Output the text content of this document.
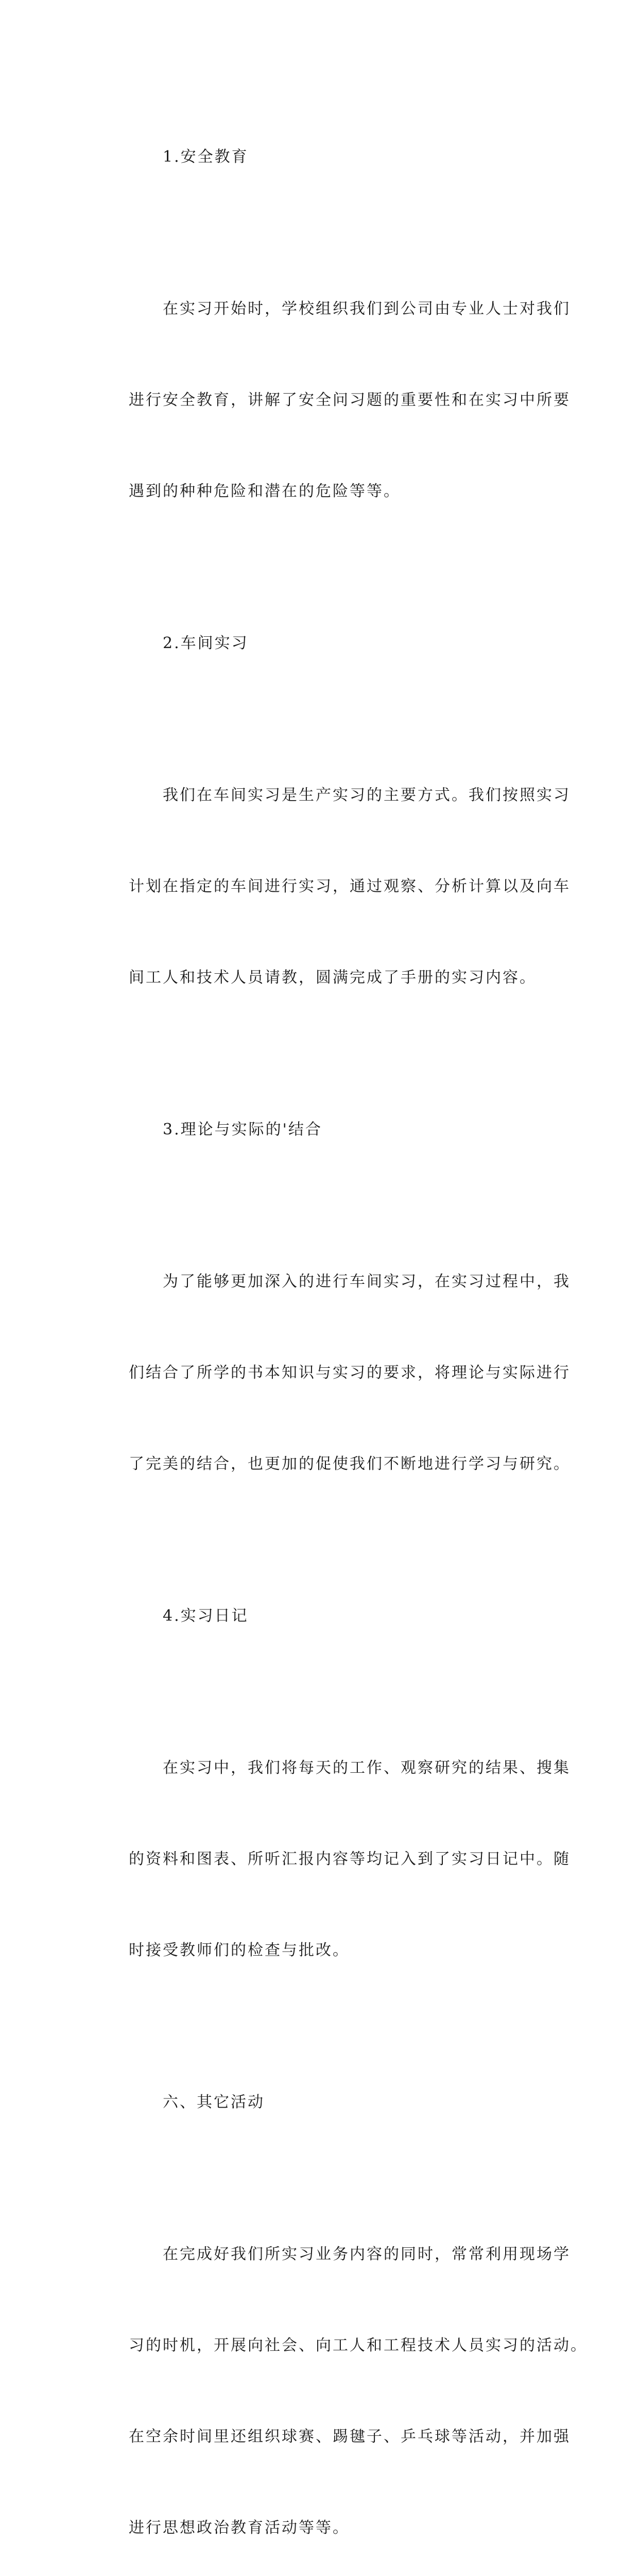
1.安全教育

在实习开始时，学校组织我们到公司由专业人士对我们

进行安全教育，讲解了安全问习题的重要性和在实习中所要

遇到的种种危险和潜在的危险等等。

2.车间实习

我们在车间实习是生产实习的主要方式。我们按照实习

计划在指定的车间进行实习，通过观察、分析计算以及向车

间工人和技术人员请教，圆满完成了手册的实习内容。

3.理论与实际的'结合

为了能够更加深入的进行车间实习，在实习过程中，我

们结合了所学的书本知识与实习的要求，将理论与实际进行

了完美的结合，也更加的促使我们不断地进行学习与研究。

4.实习日记

在实习中，我们将每天的工作、观察研究的结果、搜集

的资料和图表、所听汇报内容等均记入到了实习日记中。随

时接受教师们的检查与批改。

六、其它活动

在完成好我们所实习业务内容的同时，常常利用现场学

习的时机，开展向社会、向工人和工程技术人员实习的活动。

在空余时间里还组织球赛、踢毽子、乒乓球等活动，并加强

进行思想政治教育活动等等。
